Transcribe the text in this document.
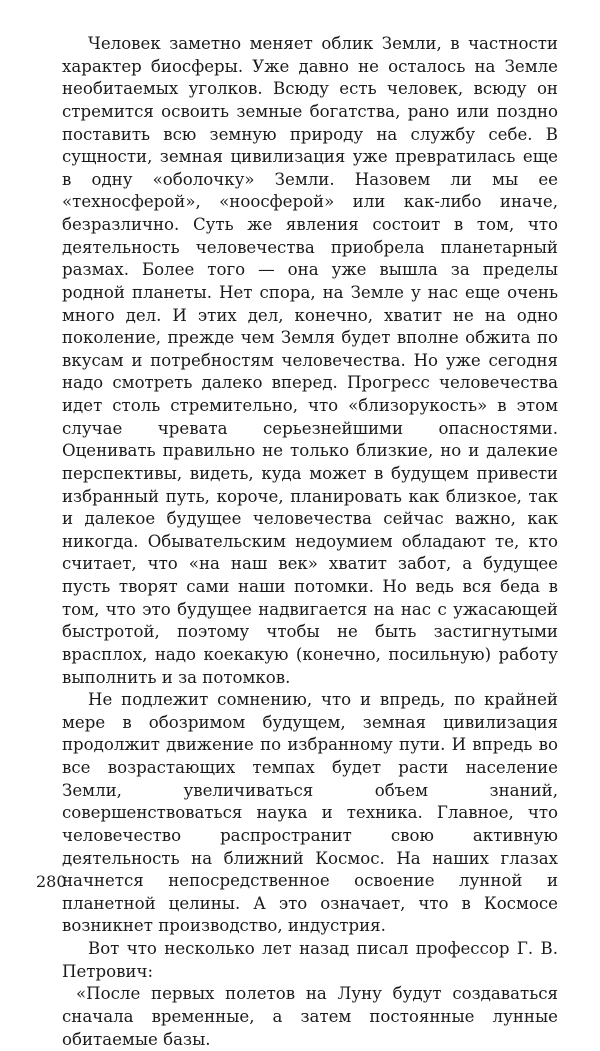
Человек заметно меняет облик Земли, в частности характер биосферы. Уже давно не осталось на Земле необитаемых уголков. Всюду есть человек, всюду он стремится освоить земные богатства, рано или поздно поставить всю земную природу на службу себе. В сущности, земная цивилизация уже превратилась еще в одну «оболочку» Земли. Назовем ли мы ее «техносферой», «ноосферой» или как-либо иначе, безразлично. Суть же явления состоит в том, что деятельность человечества приобрела планетарный размах. Более того — она уже вышла за пределы родной планеты. Нет спора, на Земле у нас еще очень много дел. И этих дел, конечно, хватит не на одно поколение, прежде чем Земля будет вполне обжита по вкусам и потребностям человечества. Но уже сегодня надо смотреть далеко вперед. Прогресс человечества идет столь стремительно, что «близорукость» в этом случае чревата серьезнейшими опасностями. Оценивать правильно не только близкие, но и далекие перспективы, видеть, куда может в будущем привести избранный путь, короче, планировать как близкое, так и далекое будущее человечества сейчас важно, как никогда. Обывательским недоумием обладают те, кто считает, что «на наш век» хватит забот, а будущее пусть творят сами наши потомки. Но ведь вся беда в том, что это будущее надвигается на нас с ужасающей быстротой, поэтому чтобы не быть застигнутыми врасплох, надо коекакую (конечно, посильную) работу выполнить и за потомков.

Не подлежит сомнению, что и впредь, по крайней мере в обозримом будущем, земная цивилизация продолжит движение по избранному пути. И впредь во все возрастающих темпах будет расти население Земли, увеличиваться объем знаний, совершенствоваться наука и техника. Главное, что человечество распространит свою активную деятельность на ближний Космос. На наших глазах начнется непосредственное освоение лунной и планетной целины. А это означает, что в Космосе возникнет производство, индустрия.

Вот что несколько лет назад писал профессор Г. В. Петрович:

«После первых полетов на Луну будут создаваться сначала временные, а затем постоянные лунные обитаемые базы.

280
